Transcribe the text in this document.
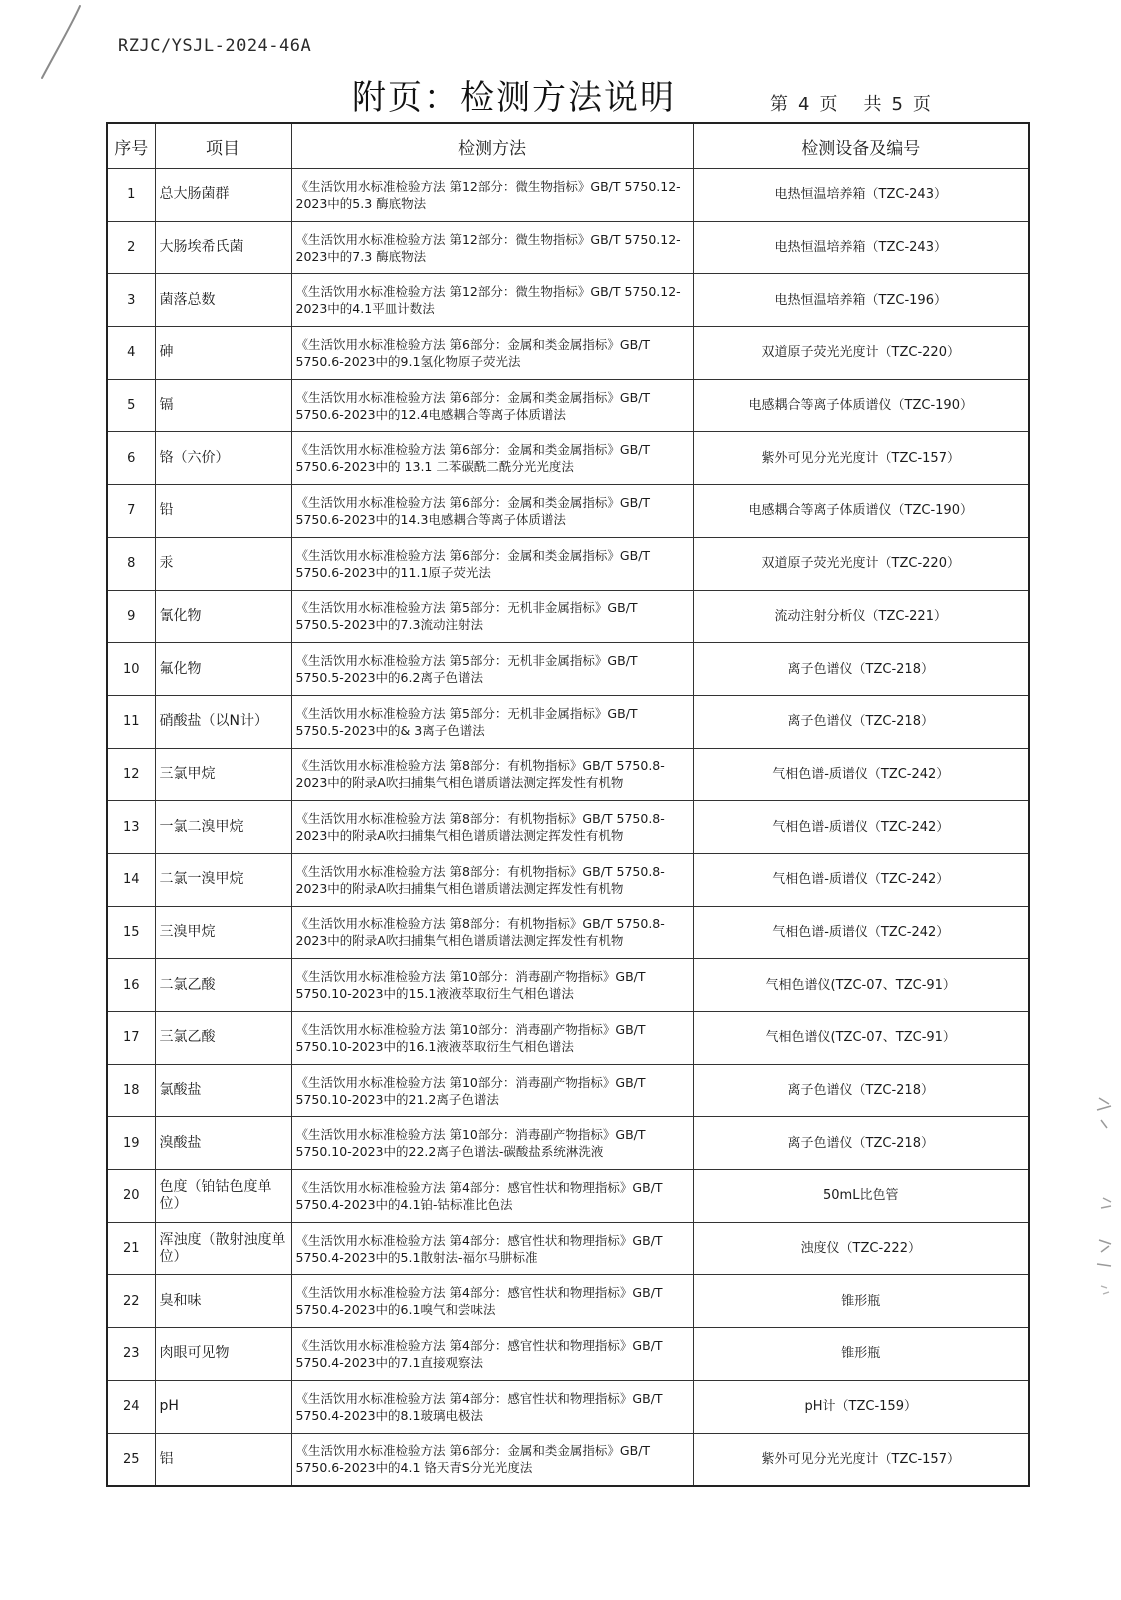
RZJC/YSJL-2024-46A
附页：检测方法说明	第 4 页 共 5 页
序号	项目	检测方法	检测设备及编号
1	总大肠菌群	《生活饮用水标准检验方法 第12部分：微生物指标》GB/T 5750.12-2023中的5.3 酶底物法	电热恒温培养箱（TZC-243）
2	大肠埃希氏菌	《生活饮用水标准检验方法 第12部分：微生物指标》GB/T 5750.12-2023中的7.3 酶底物法	电热恒温培养箱（TZC-243）
3	菌落总数	《生活饮用水标准检验方法 第12部分：微生物指标》GB/T 5750.12-2023中的4.1平皿计数法	电热恒温培养箱（TZC-196）
4	砷	《生活饮用水标准检验方法 第6部分：金属和类金属指标》GB/T 5750.6-2023中的9.1氢化物原子荧光法	双道原子荧光光度计（TZC-220）
5	镉	《生活饮用水标准检验方法 第6部分：金属和类金属指标》GB/T 5750.6-2023中的12.4电感耦合等离子体质谱法	电感耦合等离子体质谱仪（TZC-190）
6	铬（六价）	《生活饮用水标准检验方法 第6部分：金属和类金属指标》GB/T 5750.6-2023中的 13.1 二苯碳酰二酰分光光度法	紫外可见分光光度计（TZC-157）
7	铅	《生活饮用水标准检验方法 第6部分：金属和类金属指标》GB/T 5750.6-2023中的14.3电感耦合等离子体质谱法	电感耦合等离子体质谱仪（TZC-190）
8	汞	《生活饮用水标准检验方法 第6部分：金属和类金属指标》GB/T 5750.6-2023中的11.1原子荧光法	双道原子荧光光度计（TZC-220）
9	氰化物	《生活饮用水标准检验方法 第5部分：无机非金属指标》GB/T 5750.5-2023中的7.3流动注射法	流动注射分析仪（TZC-221）
10	氟化物	《生活饮用水标准检验方法 第5部分：无机非金属指标》GB/T 5750.5-2023中的6.2离子色谱法	离子色谱仪（TZC-218）
11	硝酸盐（以N计）	《生活饮用水标准检验方法 第5部分：无机非金属指标》GB/T 5750.5-2023中的& 3离子色谱法	离子色谱仪（TZC-218）
12	三氯甲烷	《生活饮用水标准检验方法 第8部分：有机物指标》GB/T 5750.8-2023中的附录A吹扫捕集气相色谱质谱法测定挥发性有机物	气相色谱-质谱仪（TZC-242）
13	一氯二溴甲烷	《生活饮用水标准检验方法 第8部分：有机物指标》GB/T 5750.8-2023中的附录A吹扫捕集气相色谱质谱法测定挥发性有机物	气相色谱-质谱仪（TZC-242）
14	二氯一溴甲烷	《生活饮用水标准检验方法 第8部分：有机物指标》GB/T 5750.8-2023中的附录A吹扫捕集气相色谱质谱法测定挥发性有机物	气相色谱-质谱仪（TZC-242）
15	三溴甲烷	《生活饮用水标准检验方法 第8部分：有机物指标》GB/T 5750.8-2023中的附录A吹扫捕集气相色谱质谱法测定挥发性有机物	气相色谱-质谱仪（TZC-242）
16	二氯乙酸	《生活饮用水标准检验方法 第10部分：消毒副产物指标》GB/T 5750.10-2023中的15.1液液萃取衍生气相色谱法	气相色谱仪(TZC-07、TZC-91）
17	三氯乙酸	《生活饮用水标准检验方法 第10部分：消毒副产物指标》GB/T 5750.10-2023中的16.1液液萃取衍生气相色谱法	气相色谱仪(TZC-07、TZC-91）
18	氯酸盐	《生活饮用水标准检验方法 第10部分：消毒副产物指标》GB/T 5750.10-2023中的21.2离子色谱法	离子色谱仪（TZC-218）
19	溴酸盐	《生活饮用水标准检验方法 第10部分：消毒副产物指标》GB/T 5750.10-2023中的22.2离子色谱法-碳酸盐系统淋洗液	离子色谱仪（TZC-218）
20	色度（铂钴色度单位）	《生活饮用水标准检验方法 第4部分：感官性状和物理指标》GB/T 5750.4-2023中的4.1铂-钴标准比色法	50mL比色管
21	浑浊度（散射浊度单位）	《生活饮用水标准检验方法 第4部分：感官性状和物理指标》GB/T 5750.4-2023中的5.1散射法-福尔马肼标准	浊度仪（TZC-222）
22	臭和味	《生活饮用水标准检验方法 第4部分：感官性状和物理指标》GB/T 5750.4-2023中的6.1嗅气和尝味法	锥形瓶
23	肉眼可见物	《生活饮用水标准检验方法 第4部分：感官性状和物理指标》GB/T 5750.4-2023中的7.1直接观察法	锥形瓶
24	pH	《生活饮用水标准检验方法 第4部分：感官性状和物理指标》GB/T 5750.4-2023中的8.1玻璃电极法	pH计（TZC-159）
25	铝	《生活饮用水标准检验方法 第6部分：金属和类金属指标》GB/T 5750.6-2023中的4.1 铬天青S分光光度法	紫外可见分光光度计（TZC-157）
